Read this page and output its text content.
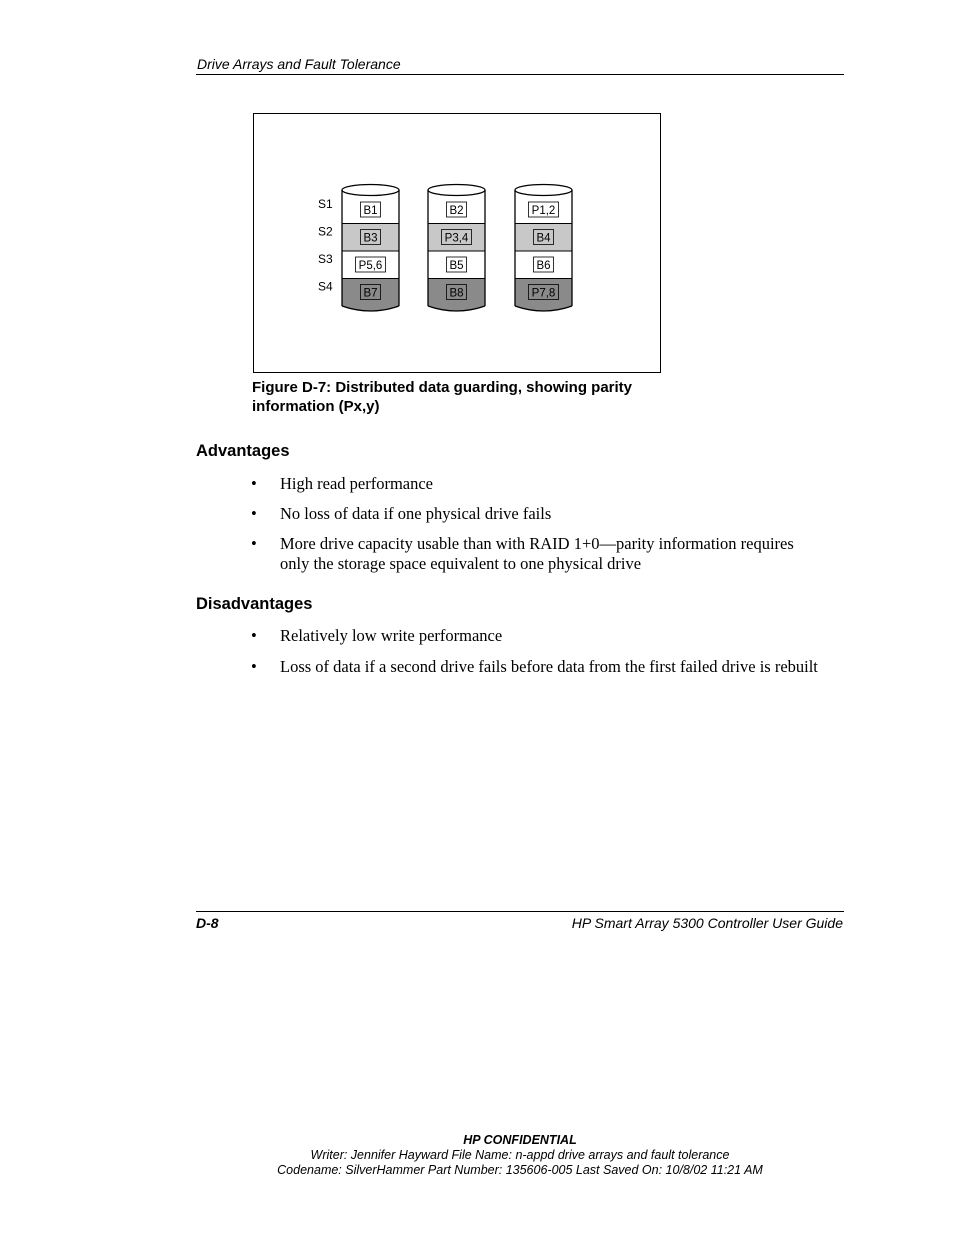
Drive Arrays and Fault Tolerance
S1
S2
S3
S4
B1
B3
P5,6
B7
B2
P3,4
B5
B8
P1,2
B4
B6
P7,8
Figure D-7: Distributed data guarding, showing parity information (Px,y)
Advantages
• High read performance
• No loss of data if one physical drive fails
• More drive capacity usable than with RAID 1+0—parity information requires only the storage space equivalent to one physical drive
Disadvantages
• Relatively low write performance
• Loss of data if a second drive fails before data from the first failed drive is rebuilt
D-8	HP Smart Array 5300 Controller User Guide
HP CONFIDENTIAL
Writer: Jennifer Hayward File Name: n-appd drive arrays and fault tolerance
Codename: SilverHammer Part Number: 135606-005 Last Saved On: 10/8/02 11:21 AM
